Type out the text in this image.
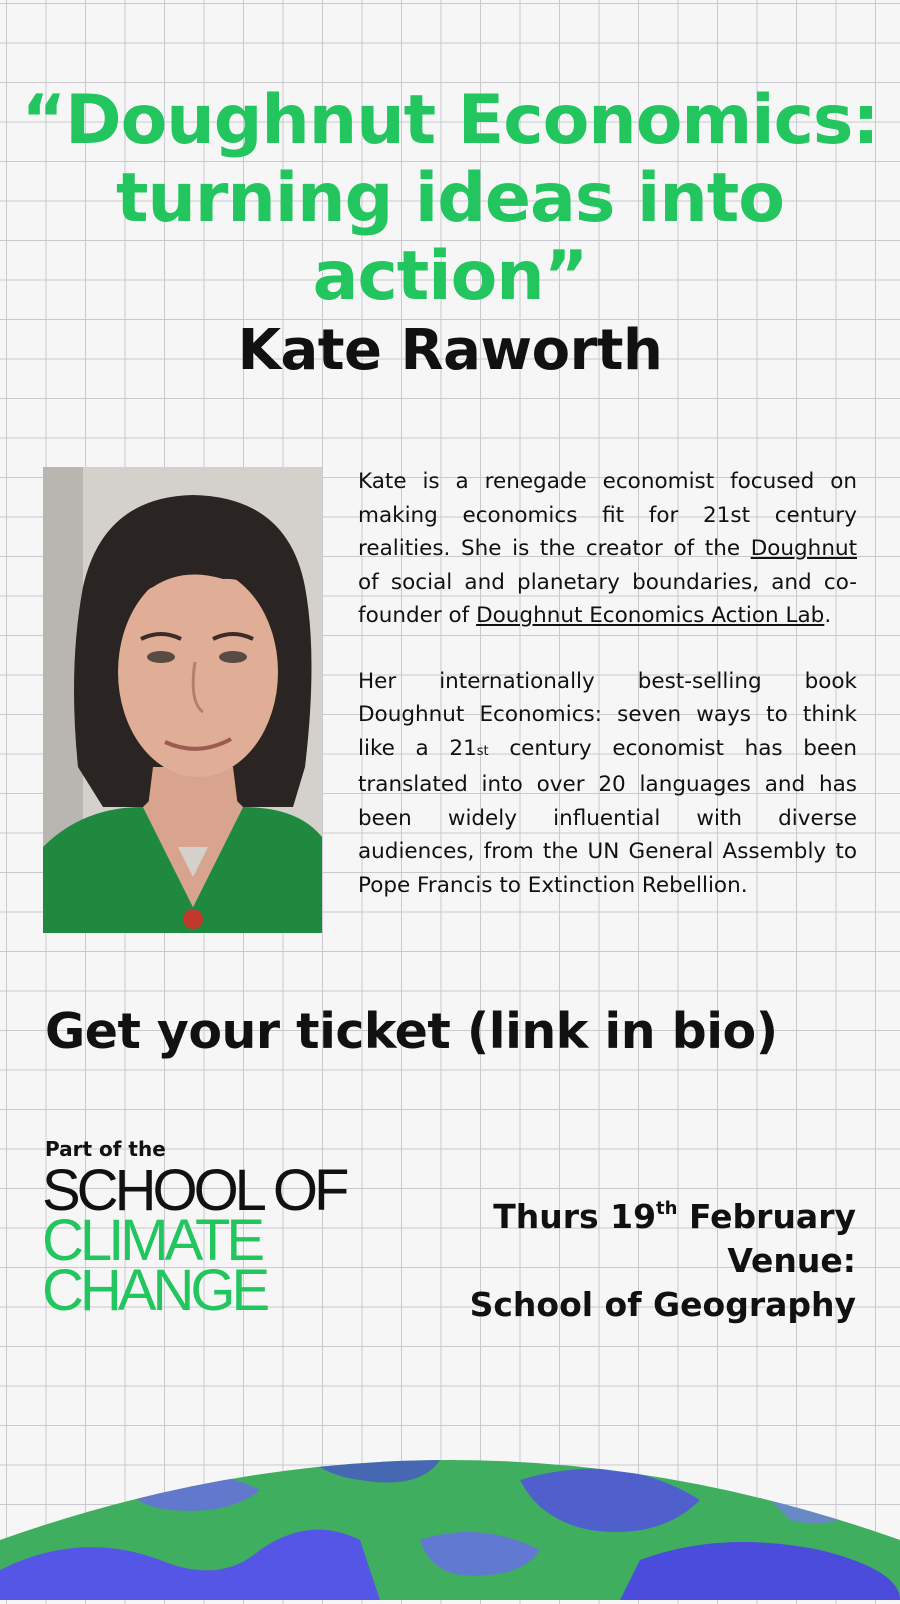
“Doughnut Economics: turning ideas into action”
Kate Raworth

Kate is a renegade economist focused on making economics fit for 21st century realities. She is the creator of the Doughnut of social and planetary boundaries, and co-founder of Doughnut Economics Action Lab.

Her internationally best-selling book Doughnut Economics: seven ways to think like a 21st century economist has been translated into over 20 languages and has been widely influential with diverse audiences, from the UN General Assembly to Pope Francis to Extinction Rebellion.

Get your ticket (link in bio)
Part of the
SCHOOL OF
CLIMATE
CHANGE
Thurs 19th February
Venue:
School of Geography
